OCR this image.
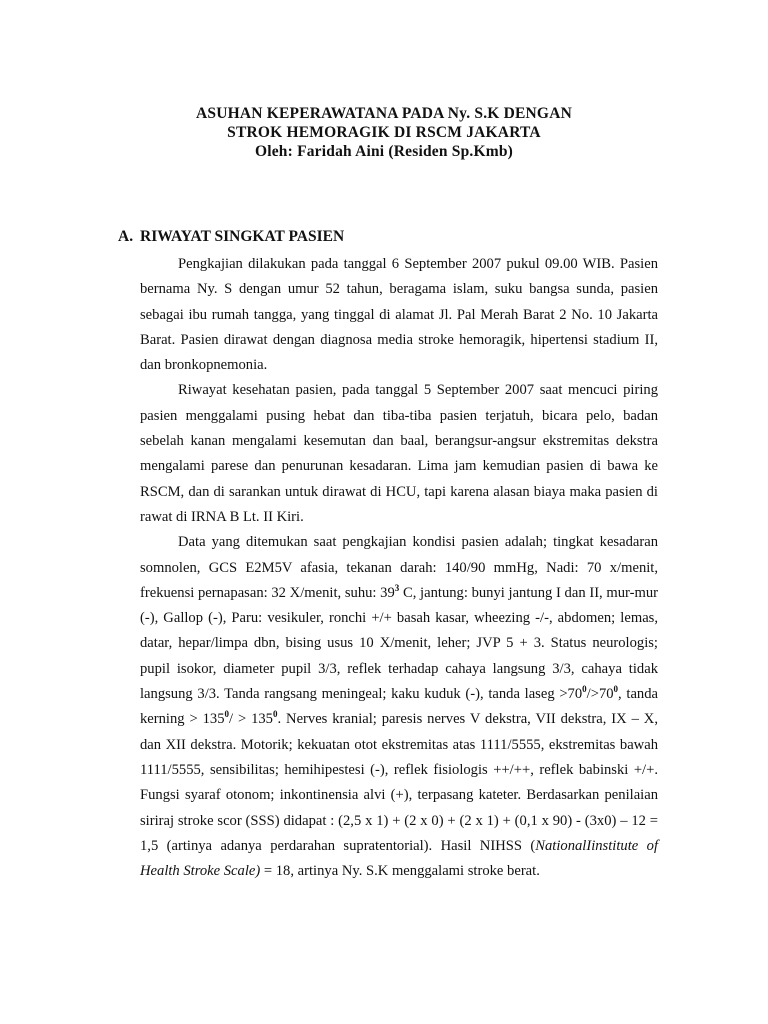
ASUHAN KEPERAWATANA PADA Ny. S.K DENGAN
STROK HEMORAGIK DI RSCM JAKARTA
Oleh: Faridah Aini (Residen Sp.Kmb)
A. RIWAYAT SINGKAT PASIEN

Pengkajian dilakukan pada tanggal 6 September 2007 pukul 09.00 WIB. Pasien bernama Ny. S dengan umur 52 tahun, beragama islam, suku bangsa sunda, pasien sebagai ibu rumah tangga, yang tinggal di alamat Jl. Pal Merah Barat 2 No. 10 Jakarta Barat. Pasien dirawat dengan diagnosa media stroke hemoragik, hipertensi stadium II, dan bronkopnemonia.

Riwayat kesehatan pasien, pada tanggal 5 September 2007 saat mencuci piring pasien menggalami pusing hebat dan tiba-tiba pasien terjatuh, bicara pelo, badan sebelah kanan mengalami kesemutan dan baal, berangsur-angsur ekstremitas dekstra mengalami parese dan penurunan kesadaran. Lima jam kemudian pasien di bawa ke RSCM, dan di sarankan untuk dirawat di HCU, tapi karena alasan biaya maka pasien di rawat di IRNA B Lt. II Kiri.

Data yang ditemukan saat pengkajian kondisi pasien adalah; tingkat kesadaran somnolen, GCS E2M5V afasia, tekanan darah: 140/90 mmHg, Nadi: 70 x/menit, frekuensi pernapasan: 32 X/menit, suhu: $39^3$ C, jantung: bunyi jantung I dan II, mur-mur (-), Gallop (-), Paru: vesikuler, ronchi +/+ basah kasar, wheezing -/-, abdomen; lemas, datar, hepar/limpa dbn, bising usus 10 X/menit, leher; JVP 5 + 3. Status neurologis; pupil isokor, diameter pupil 3/3, reflek terhadap cahaya langsung 3/3, cahaya tidak langsung 3/3. Tanda rangsang meningeal; kaku kuduk (-), tanda laseg $>70^0/>70^0$, tanda kerning > $135^0/ > 135^0$. Nerves kranial; paresis nerves V dekstra, VII dekstra, IX – X, dan XII dekstra. Motorik; kekuatan otot ekstremitas atas 1111/5555, ekstremitas bawah 1111/5555, sensibilitas; hemihipestesi (-), reflek fisiologis ++/++, reflek babinski +/+. Fungsi syaraf otonom; inkontinensia alvi (+), terpasang kateter. Berdasarkan penilaian siriraj stroke scor (SSS) didapat : (2,5 x 1) + (2 x 0) + (2 x 1) + (0,1 x 90) - (3x0) – 12 = 1,5 (artinya adanya perdarahan supratentorial). Hasil NIHSS (NationalIinstitute of Health Stroke Scale) = 18, artinya Ny. S.K menggalami stroke berat.
